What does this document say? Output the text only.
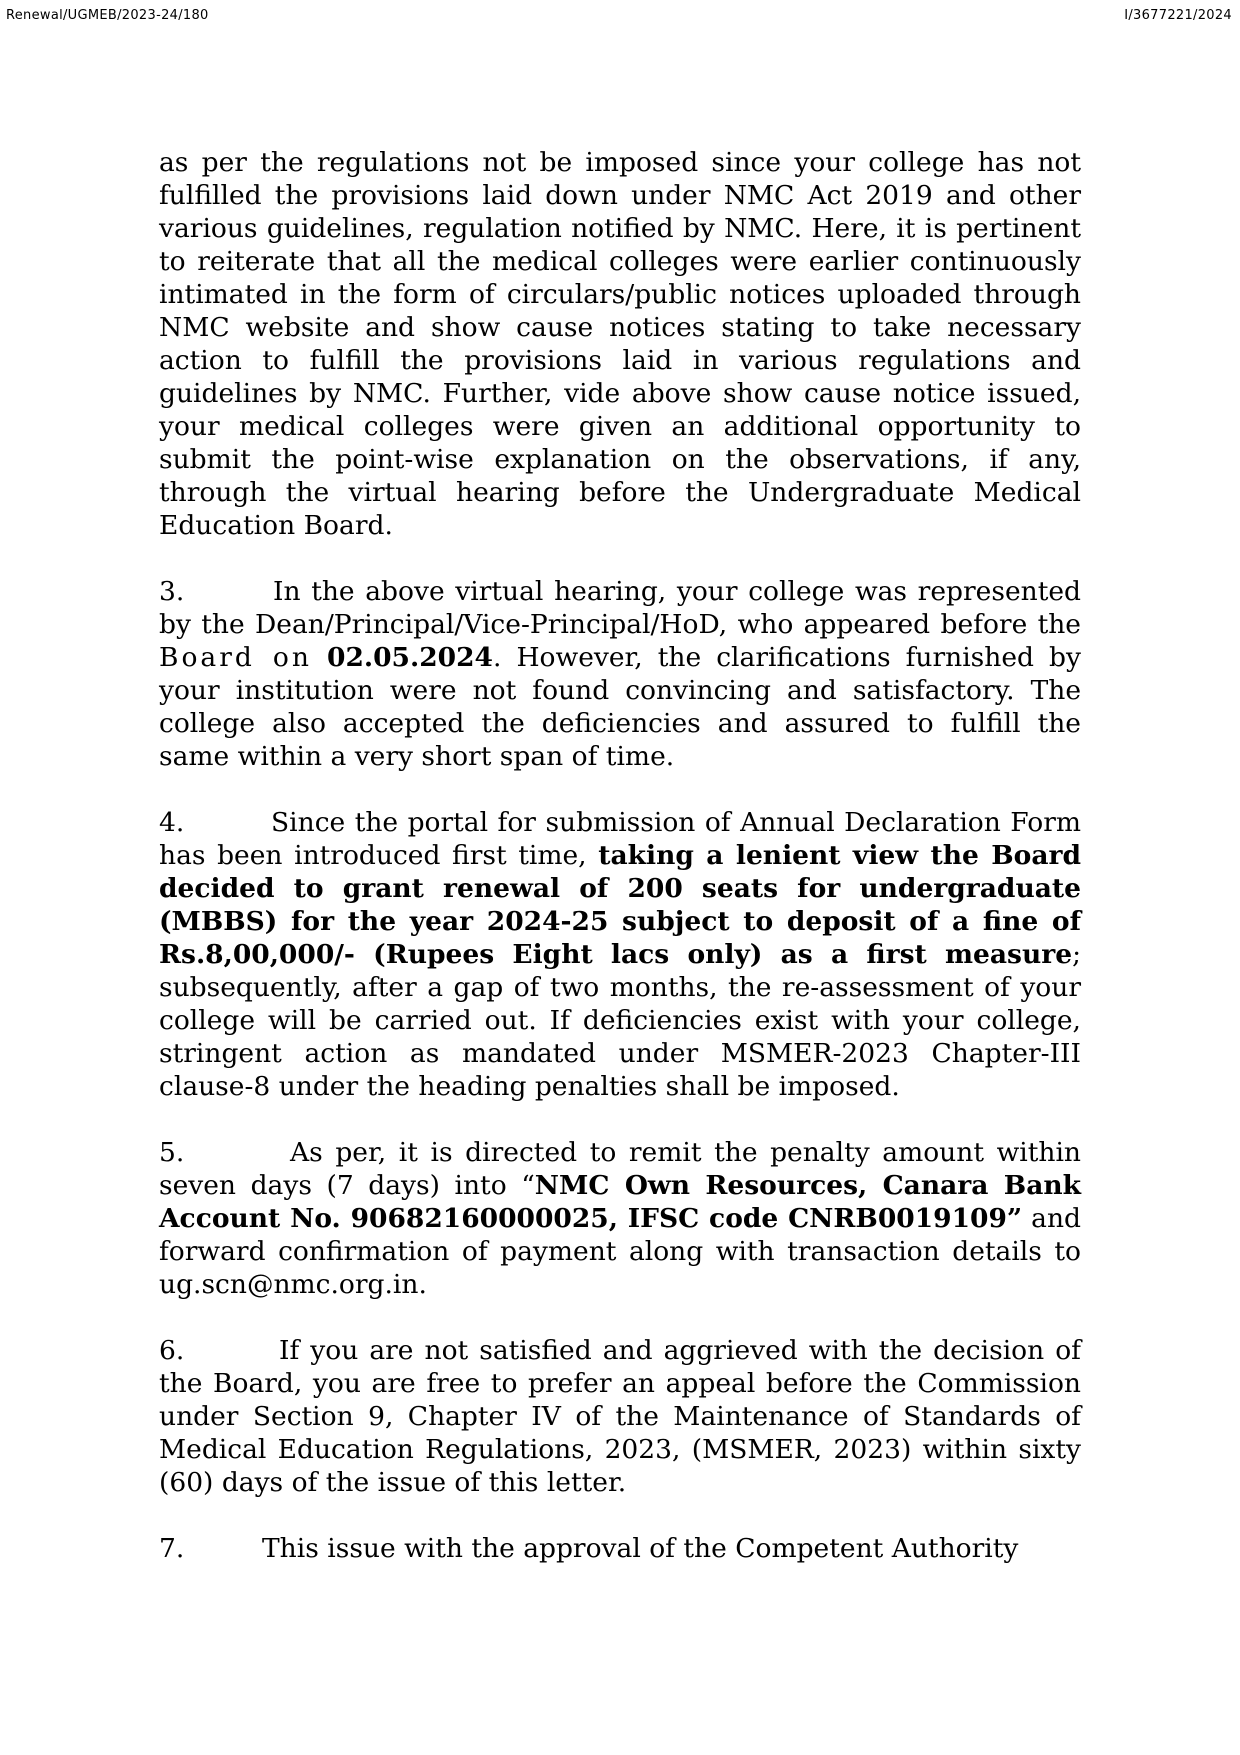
Renewal/UGMEB/2023-24/180	I/3677221/2024

as per the regulations not be imposed since your college has not fulfilled the provisions laid down under NMC Act 2019 and other various guidelines, regulation notified by NMC. Here, it is pertinent to reiterate that all the medical colleges were earlier continuously intimated in the form of circulars/public notices uploaded through NMC website and show cause notices stating to take necessary action to fulfill the provisions laid in various regulations and guidelines by NMC. Further, vide above show cause notice issued, your medical colleges were given an additional opportunity to submit the point-wise explanation on the observations, if any, through the virtual hearing before the Undergraduate Medical Education Board.

3.	In the above virtual hearing, your college was represented by the Dean/Principal/Vice-Principal/HoD, who appeared before the Board on 02.05.2024. However, the clarifications furnished by your institution were not found convincing and satisfactory. The college also accepted the deficiencies and assured to fulfill the same within a very short span of time.

4.	Since the portal for submission of Annual Declaration Form has been introduced first time, taking a lenient view the Board decided to grant renewal of 200 seats for undergraduate (MBBS) for the year 2024-25 subject to deposit of a fine of Rs.8,00,000/- (Rupees Eight lacs only) as a first measure; subsequently, after a gap of two months, the re-assessment of your college will be carried out. If deficiencies exist with your college, stringent action as mandated under MSMER-2023 Chapter-III clause-8 under the heading penalties shall be imposed.

5.	As per, it is directed to remit the penalty amount within seven days (7 days) into “NMC Own Resources, Canara Bank Account No. 90682160000025, IFSC code CNRB0019109” and forward confirmation of payment along with transaction details to ug.scn@nmc.org.in.

6.	If you are not satisfied and aggrieved with the decision of the Board, you are free to prefer an appeal before the Commission under Section 9, Chapter IV of the Maintenance of Standards of Medical Education Regulations, 2023, (MSMER, 2023) within sixty (60) days of the issue of this letter.

7.	This issue with the approval of the Competent Authority
